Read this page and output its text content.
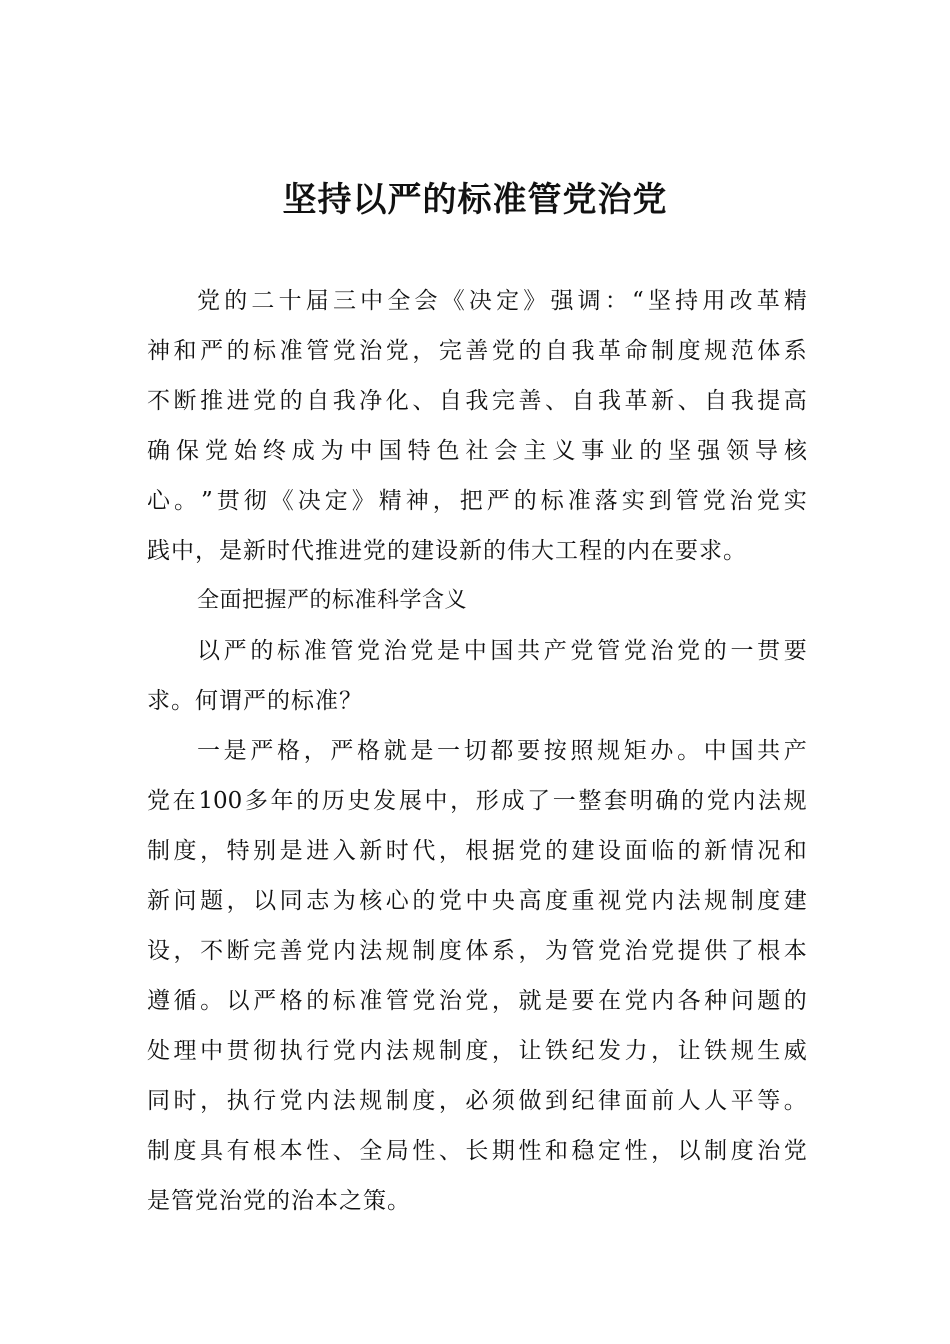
坚持以严的标准管党治党
党 的 二 十 届 三 中 全 会 《 决 定 》 强 调 ： “ 坚 持 用 改 革 精
神 和 严 的 标 准 管 党 治 党 ， 完 善 党 的 自 我 革 命 制 度 规 范 体 系
不 断 推 进 党 的 自 我 净 化 、 自 我 完 善 、 自 我 革 新 、 自 我 提 高
确 保 党 始 终 成 为 中 国 特 色 社 会 主 义 事 业 的 坚 强 领 导 核
心 。 ” 贯 彻 《 决 定 》 精 神 ， 把 严 的 标 准 落 实 到 管 党 治 党 实
践中，是新时代推进党的建设新的伟大工程的内在要求。
全面把握严的标准科学含义
以 严 的 标 准 管 党 治 党 是 中 国 共 产 党 管 党 治 党 的 一 贯 要
求。何谓严的标准？
一 是 严 格 ， 严 格 就 是 一 切 都 要 按 照 规 矩 办 。 中 国 共 产
党 在 100 多 年 的 历 史 发 展 中 ， 形 成 了 一 整 套 明 确 的 党 内 法 规
制 度 ， 特 别 是 进 入 新 时 代 ， 根 据 党 的 建 设 面 临 的 新 情 况 和
新 问 题 ， 以 同 志 为 核 心 的 党 中 央 高 度 重 视 党 内 法 规 制 度 建
设 ， 不 断 完 善 党 内 法 规 制 度 体 系 ， 为 管 党 治 党 提 供 了 根 本
遵 循 。 以 严 格 的 标 准 管 党 治 党 ， 就 是 要 在 党 内 各 种 问 题 的
处 理 中 贯 彻 执 行 党 内 法 规 制 度 ， 让 铁 纪 发 力 ， 让 铁 规 生 威
同 时 ， 执 行 党 内 法 规 制 度 ， 必 须 做 到 纪 律 面 前 人 人 平 等 。
制 度 具 有 根 本 性 、 全 局 性 、 长 期 性 和 稳 定 性 ， 以 制 度 治 党
是管党治党的治本之策。
